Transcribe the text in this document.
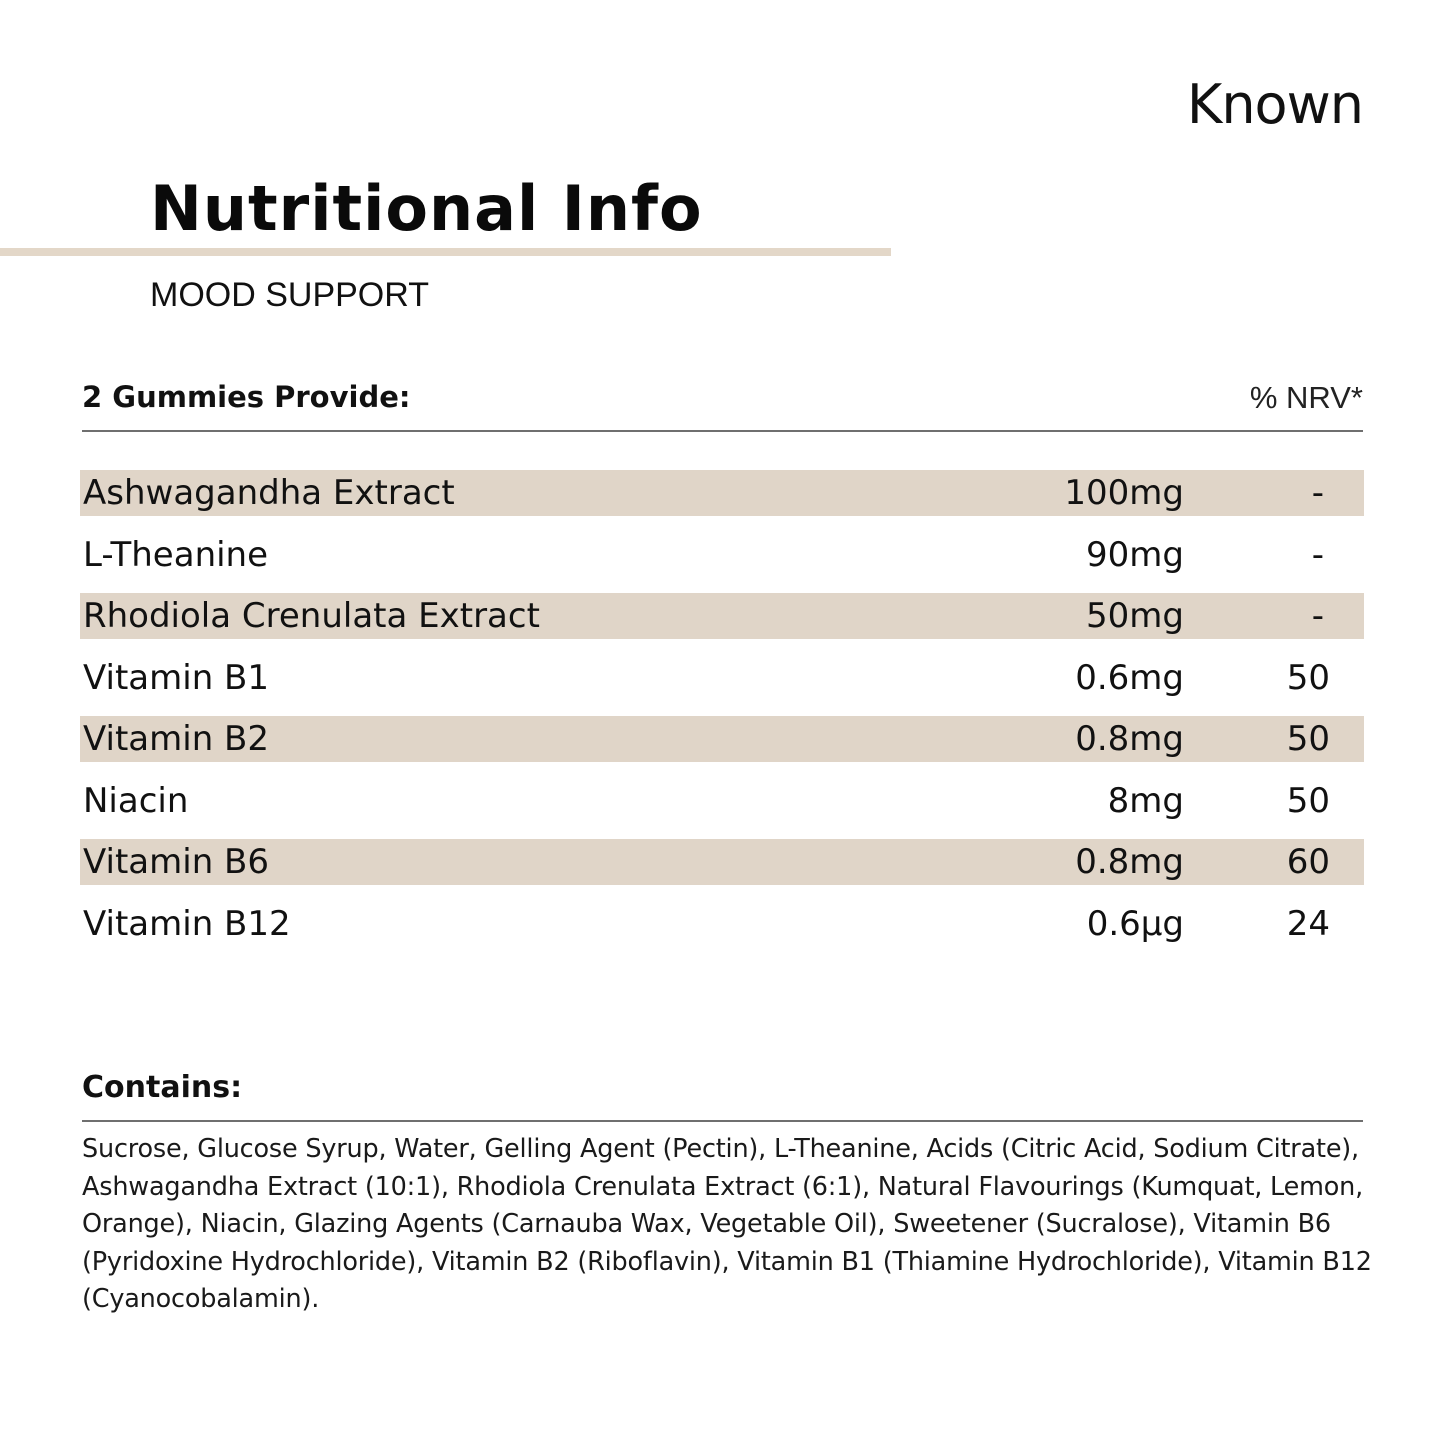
Known
Nutritional Info
MOOD SUPPORT
2 Gummies Provide:	% NRV*
Ashwagandha Extract	100mg	-
L-Theanine	90mg	-
Rhodiola Crenulata Extract	50mg	-
Vitamin B1	0.6mg	50
Vitamin B2	0.8mg	50
Niacin	8mg	50
Vitamin B6	0.8mg	60
Vitamin B12	0.6µg	24
Contains:
Sucrose, Glucose Syrup, Water, Gelling Agent (Pectin), L-Theanine, Acids (Citric Acid, Sodium Citrate), Ashwagandha Extract (10:1), Rhodiola Crenulata Extract (6:1), Natural Flavourings (Kumquat, Lemon, Orange), Niacin, Glazing Agents (Carnauba Wax, Vegetable Oil), Sweetener (Sucralose), Vitamin B6 (Pyridoxine Hydrochloride), Vitamin B2 (Riboflavin), Vitamin B1 (Thiamine Hydrochloride), Vitamin B12 (Cyanocobalamin).
